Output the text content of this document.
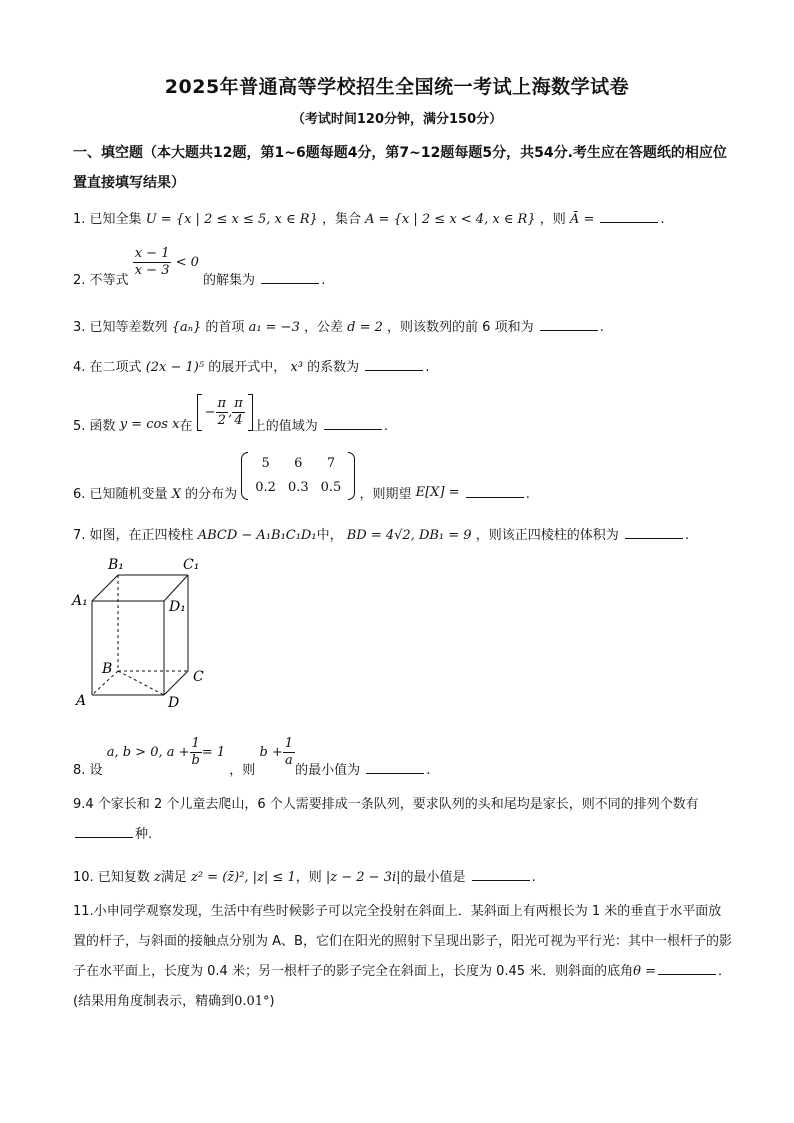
2025年普通高等学校招生全国统一考试上海数学试卷
（考试时间120分钟，满分150分）
一、填空题（本大题共12题，第1~6题每题4分，第7~12题每题5分，共54分.考生应在答题纸的相应位置直接填写结果）
1. 已知全集 U = {x | 2 ≤ x ≤ 5, x ∈ R} ，集合 A = {x | 2 ≤ x < 4, x ∈ R} ，则 Ā =	.
2. 不等式
$\frac{x - 1}{x - 3} < 0$ 的解集为	.
3. 已知等差数列 {aₙ} 的首项 a₁ = −3 ，公差 d = 2 ，则该数列的前 6 项和为	.
4. 在二项式 (2x − 1)⁵ 的展开式中， x³ 的系数为	.
5. 函数 y = cos x在
− $\frac{\pi}{2}$ , $\frac{\pi}{4}$ 上的值域为	.
6. 已知随机变量 X 的分布为
5	6	7
0.2	0.3	0.5 ，则期望 E[X] =	.
7. 如图，在正四棱柱 ABCD − A₁B₁C₁D₁中， BD = 4√2, DB₁ = 9 ，则该正四棱柱的体积为	.
B₁	C₁
A₁	D₁
B	C
A	D
8. 设 a, b > 0, $a + \frac{1}{b} = 1$ ，则 $b + \frac{1}{a}$
的最小值为	.
9.4 个家长和 2 个儿童去爬山，6 个人需要排成一条队列，要求队列的头和尾均是家长，则不同的排列个数有种.
10. 已知复数 z满足 z² = (z̄)², |z| ≤ 1，则 |z − 2 − 3i|的最小值是	.
11.小申同学观察发现，生活中有些时候影子可以完全投射在斜面上．某斜面上有两根长为 1 米的垂直于水平面放置的杆子，与斜面的接触点分别为 A、B，它们在阳光的照射下呈现出影子，阳光可视为平行光：其中一根杆子的影子在水平面上，长度为 0.4 米；另一根杆子的影子完全在斜面上，长度为 0.45 米．则斜面的底角θ =	．(结果用角度制表示，精确到0.01°)
